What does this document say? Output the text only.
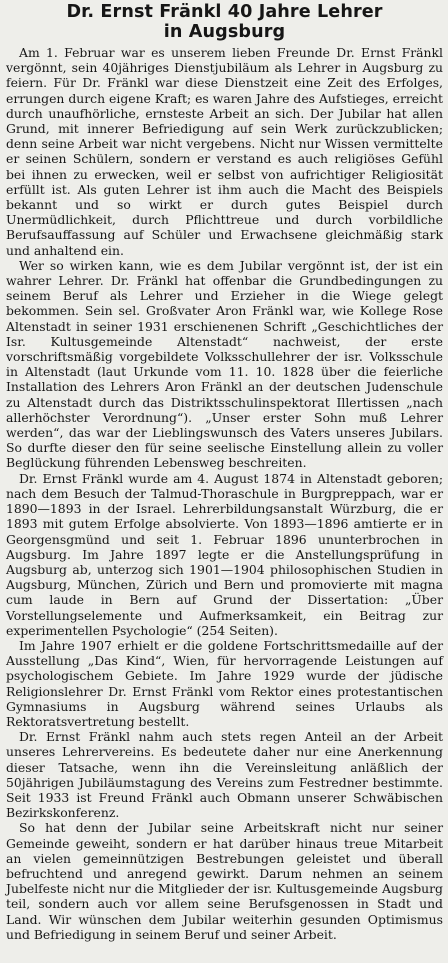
Dr. Ernst Fränkl 40 Jahre Lehrer
in Augsburg

Am 1. Februar war es unserem lieben Freunde Dr. Ernst Fränkl vergönnt, sein 40jähriges Dienstjubiläum als Lehrer in Augsburg zu feiern. Für Dr. Fränkl war diese Dienstzeit eine Zeit des Erfolges, errungen durch eigene Kraft; es waren Jahre des Aufstieges, erreicht durch unaufhörliche, ernsteste Arbeit an sich. Der Jubilar hat allen Grund, mit innerer Befriedigung auf sein Werk zurückzublicken; denn seine Arbeit war nicht vergebens. Nicht nur Wissen vermittelte er seinen Schülern, sondern er verstand es auch religiöses Gefühl bei ihnen zu erwecken, weil er selbst von aufrichtiger Religiosität erfüllt ist. Als guten Lehrer ist ihm auch die Macht des Beispiels bekannt und so wirkt er durch gutes Beispiel durch Unermüdlichkeit, durch Pflichttreue und durch vorbildliche Berufsauffassung auf Schüler und Erwachsene gleichmäßig stark und anhaltend ein.

Wer so wirken kann, wie es dem Jubilar vergönnt ist, der ist ein wahrer Lehrer. Dr. Fränkl hat offenbar die Grundbedingungen zu seinem Beruf als Lehrer und Erzieher in die Wiege gelegt bekommen. Sein sel. Großvater Aron Fränkl war, wie Kollege Rose Altenstadt in seiner 1931 erschienenen Schrift „Geschichtliches der Isr. Kultusgemeinde Altenstadt“ nachweist, der erste vorschriftsmäßig vorgebildete Volksschullehrer der isr. Volksschule in Altenstadt (laut Urkunde vom 11. 10. 1828 über die feierliche Installation des Lehrers Aron Fränkl an der deutschen Judenschule zu Altenstadt durch das Distriktsschulinspektorat Illertissen „nach allerhöchster Verordnung“). „Unser erster Sohn muß Lehrer werden“, das war der Lieblingswunsch des Vaters unseres Jubilars. So durfte dieser den für seine seelische Einstellung allein zu voller Beglückung führenden Lebensweg beschreiten.

Dr. Ernst Fränkl wurde am 4. August 1874 in Altenstadt geboren; nach dem Besuch der Talmud-Thoraschule in Burgpreppach, war er 1890—1893 in der Israel. Lehrerbildungsanstalt Würzburg, die er 1893 mit gutem Erfolge absolvierte. Von 1893—1896 amtierte er in Georgensgmünd und seit 1. Februar 1896 ununterbrochen in Augsburg. Im Jahre 1897 legte er die Anstellungsprüfung in Augsburg ab, unterzog sich 1901—1904 philosophischen Studien in Augsburg, München, Zürich und Bern und promovierte mit magna cum laude in Bern auf Grund der Dissertation: „Über Vorstellungselemente und Aufmerksamkeit, ein Beitrag zur experimentellen Psychologie“ (254 Seiten).

Im Jahre 1907 erhielt er die goldene Fortschrittsmedaille auf der Ausstellung „Das Kind“, Wien, für hervorragende Leistungen auf psychologischem Gebiete. Im Jahre 1929 wurde der jüdische Religionslehrer Dr. Ernst Fränkl vom Rektor eines protestantischen Gymnasiums in Augsburg während seines Urlaubs als Rektoratsvertretung bestellt.

Dr. Ernst Fränkl nahm auch stets regen Anteil an der Arbeit unseres Lehrervereins. Es bedeutete daher nur eine Anerkennung dieser Tatsache, wenn ihn die Vereinsleitung anläßlich der 50jährigen Jubiläumstagung des Vereins zum Festredner bestimmte. Seit 1933 ist Freund Fränkl auch Obmann unserer Schwäbischen Bezirkskonferenz.

So hat denn der Jubilar seine Arbeitskraft nicht nur seiner Gemeinde geweiht, sondern er hat darüber hinaus treue Mitarbeit an vielen gemeinnützigen Bestrebungen geleistet und überall befruchtend und anregend gewirkt. Darum nehmen an seinem Jubelfeste nicht nur die Mitglieder der isr. Kultusgemeinde Augsburg teil, sondern auch vor allem seine Berufsgenossen in Stadt und Land. Wir wünschen dem Jubilar weiterhin gesunden Optimismus und Befriedigung in seinem Beruf und seiner Arbeit.
